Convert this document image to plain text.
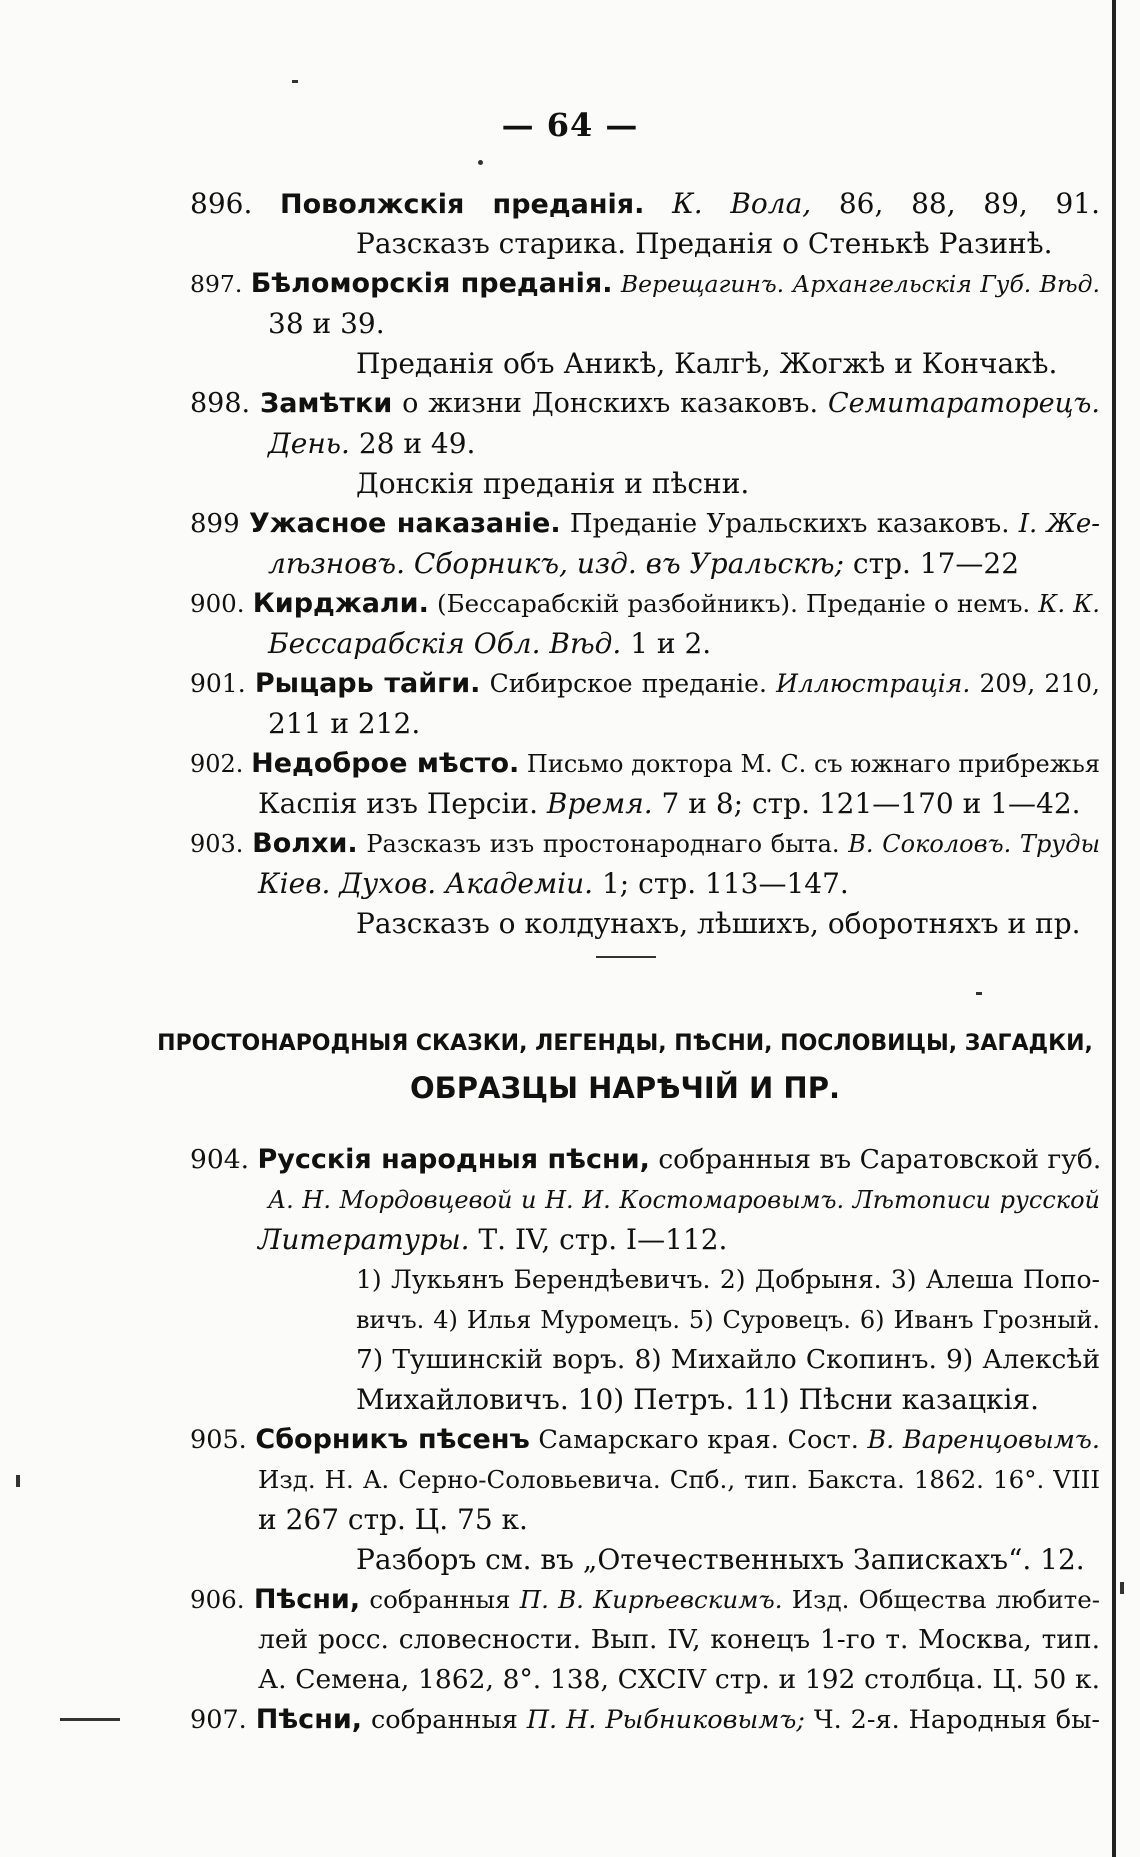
— 64 —
896. Поволжскія преданія. К. Вола, 86, 88, 89, 91.
Разсказъ старика. Преданія о Стенькѣ Разинѣ.
897. Бѣломорскія преданія. Верещагинъ. Архангельскія Губ. Вѣд.
38 и 39.
Преданія объ Аникѣ, Калгѣ, Жогжѣ и Кончакѣ.
898. Замѣтки о жизни Донскихъ казаковъ. Семитараторецъ.
День. 28 и 49.
Донскія преданія и пѣсни.
899 Ужасное наказаніе. Преданіе Уральскихъ казаковъ. I. Же-
лѣзновъ. Сборникъ, изд. въ Уральскѣ; стр. 17—22
900. Кирджали. (Бессарабскій разбойникъ). Преданіе о немъ. К. К.
Бессарабскія Обл. Вѣд. 1 и 2.
901. Рыцарь тайги. Сибирское преданіе. Иллюстрація. 209, 210,
211 и 212.
902. Недоброе мѣсто. Письмо доктора М. С. съ южнаго прибрежья
Каспія изъ Персіи. Время. 7 и 8; стр. 121—170 и 1—42.
903. Волхи. Разсказъ изъ простонароднаго быта. В. Соколовъ. Труды
Кіев. Духов. Академіи. 1; стр. 113—147.
Разсказъ о колдунахъ, лѣшихъ, оборотняхъ и пр.
ПРОСТОНАРОДНЫЯ СКАЗКИ, ЛЕГЕНДЫ, ПѢСНИ, ПОСЛОВИЦЫ, ЗАГАДКИ,
ОБРАЗЦЫ НАРѢЧІЙ И ПР.
904. Русскія народныя пѣсни, собранныя въ Саратовской губ.
А. Н. Мордовцевой и Н. И. Костомаровымъ. Лѣтописи русской
Литературы. Т. IV, стр. I—112.
1) Лукьянъ Берендѣевичъ. 2) Добрыня. 3) Алеша Попо-
вичъ. 4) Илья Муромецъ. 5) Суровецъ. 6) Иванъ Грозный.
7) Тушинскій воръ. 8) Михайло Скопинъ. 9) Алексѣй
Михайловичъ. 10) Петръ. 11) Пѣсни казацкія.
905. Сборникъ пѣсенъ Самарскаго края. Сост. В. Варенцовымъ.
Изд. Н. А. Серно-Соловьевича. Спб., тип. Бакста. 1862. 16°. VIII
и 267 стр. Ц. 75 к.
Разборъ см. въ „Отечественныхъ Запискахъ“. 12.
906. Пѣсни, собранныя П. В. Кирѣевскимъ. Изд. Общества любите-
лей росс. словесности. Вып. IV, конецъ 1-го т. Москва, тип.
А. Семена, 1862, 8°. 138, CXCIV стр. и 192 столбца. Ц. 50 к.
907. Пѣсни, собранныя П. Н. Рыбниковымъ; Ч. 2-я. Народныя бы-
